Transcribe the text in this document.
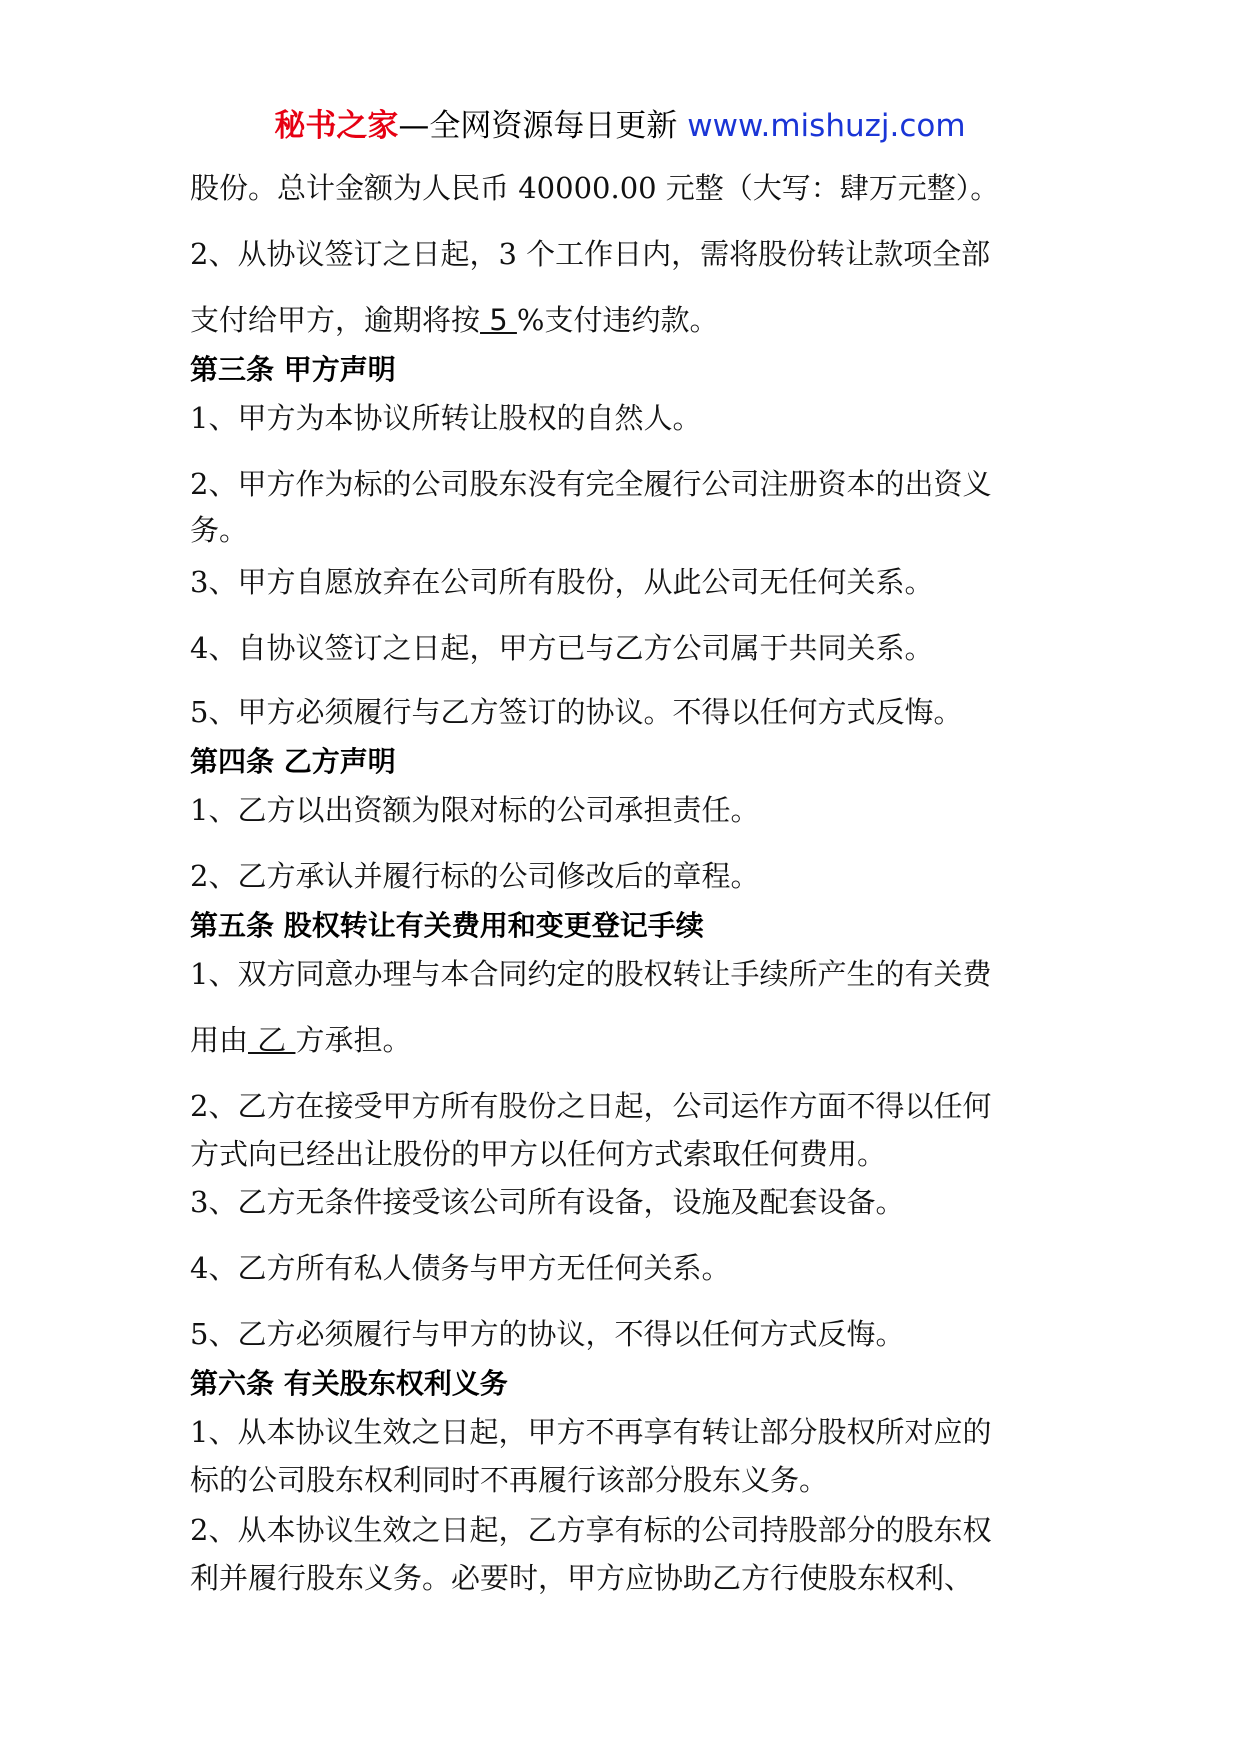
秘书之家—全网资源每日更新 www.mishuzj.com
股份。总计金额为人民币 40000.00 元整（大写：肆万元整）。
2、从协议签订之日起，3 个工作日内，需将股份转让款项全部
支付给甲方，逾期将按 5 %支付违约款。
第三条 甲方声明
1、甲方为本协议所转让股权的自然人。
2、甲方作为标的公司股东没有完全履行公司注册资本的出资义
务。
3、甲方自愿放弃在公司所有股份，从此公司无任何关系。
4、自协议签订之日起，甲方已与乙方公司属于共同关系。
5、甲方必须履行与乙方签订的协议。不得以任何方式反悔。
第四条 乙方声明
1、乙方以出资额为限对标的公司承担责任。
2、乙方承认并履行标的公司修改后的章程。
第五条 股权转让有关费用和变更登记手续
1、双方同意办理与本合同约定的股权转让手续所产生的有关费
用由 乙 方承担。
2、乙方在接受甲方所有股份之日起，公司运作方面不得以任何
方式向已经出让股份的甲方以任何方式索取任何费用。
3、乙方无条件接受该公司所有设备，设施及配套设备。
4、乙方所有私人债务与甲方无任何关系。
5、乙方必须履行与甲方的协议，不得以任何方式反悔。
第六条 有关股东权利义务
1、从本协议生效之日起，甲方不再享有转让部分股权所对应的
标的公司股东权利同时不再履行该部分股东义务。
2、从本协议生效之日起，乙方享有标的公司持股部分的股东权
利并履行股东义务。必要时，甲方应协助乙方行使股东权利、
